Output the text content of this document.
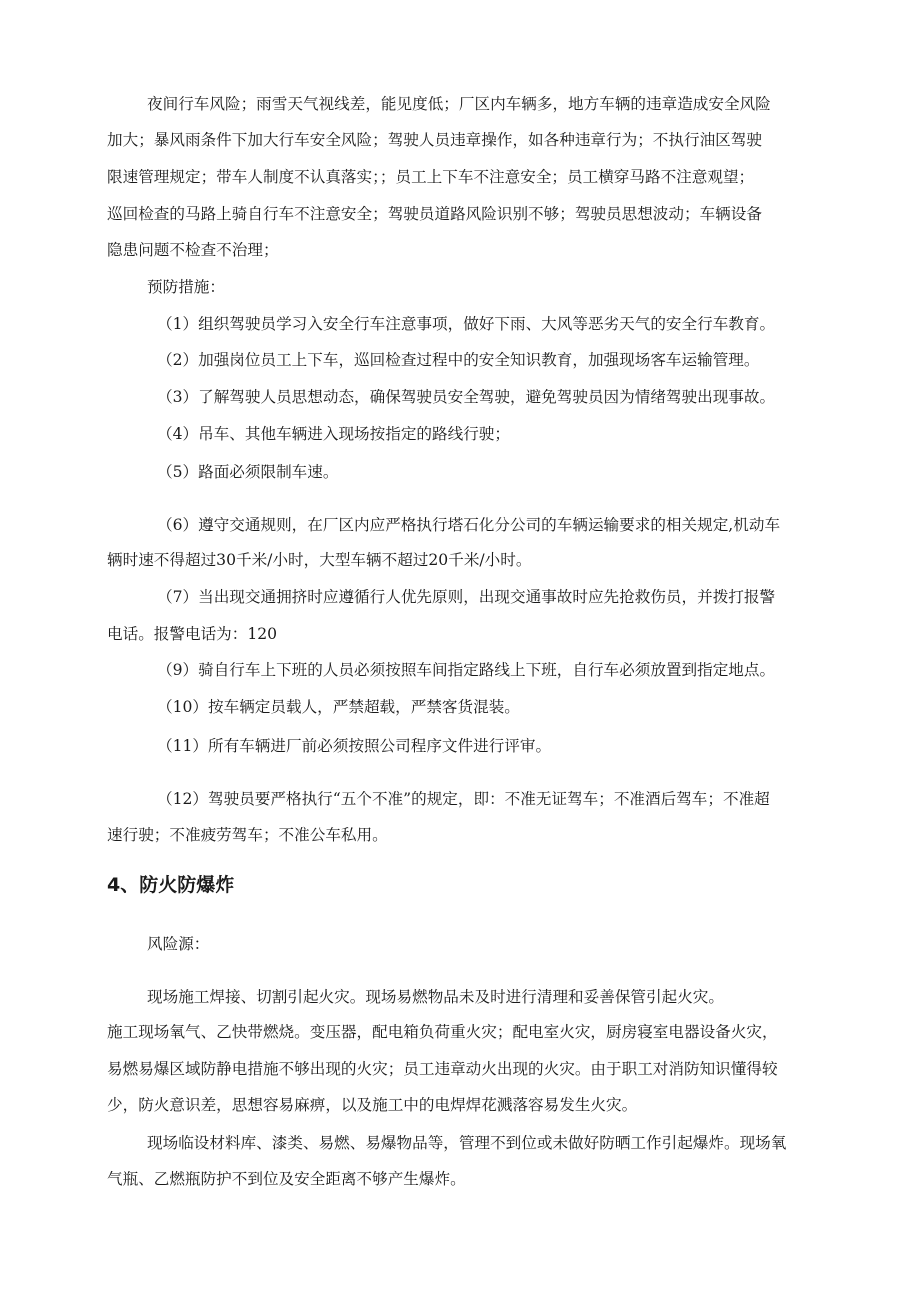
夜间行车风险；雨雪天气视线差，能见度低；厂区内车辆多，地方车辆的违章造成安全风险

加大；暴风雨条件下加大行车安全风险；驾驶人员违章操作，如各种违章行为；不执行油区驾驶

限速管理规定；带车人制度不认真落实；；员工上下车不注意安全；员工横穿马路不注意观望；

巡回检查的马路上骑自行车不注意安全；驾驶员道路风险识别不够；驾驶员思想波动；车辆设备

隐患问题不检查不治理；

预防措施：

（1）组织驾驶员学习入安全行车注意事项，做好下雨、大风等恶劣天气的安全行车教育。

（2）加强岗位员工上下车，巡回检查过程中的安全知识教育，加强现场客车运输管理。

（3）了解驾驶人员思想动态，确保驾驶员安全驾驶，避免驾驶员因为情绪驾驶出现事故。

（4）吊车、其他车辆进入现场按指定的路线行驶；

（5）路面必须限制车速。

（6）遵守交通规则，在厂区内应严格执行塔石化分公司的车辆运输要求的相关规定,机动车

辆时速不得超过30千米/小时，大型车辆不超过20千米/小时。

（7）当出现交通拥挤时应遵循行人优先原则，出现交通事故时应先抢救伤员，并拨打报警

电话。报警电话为：120

（9）骑自行车上下班的人员必须按照车间指定路线上下班，自行车必须放置到指定地点。

（10）按车辆定员载人，严禁超载，严禁客货混装。

（11）所有车辆进厂前必须按照公司程序文件进行评审。

（12）驾驶员要严格执行“五个不准”的规定，即：不准无证驾车；不准酒后驾车；不准超

速行驶；不准疲劳驾车；不准公车私用。

4、防火防爆炸

风险源：

现场施工焊接、切割引起火灾。现场易燃物品未及时进行清理和妥善保管引起火灾。

施工现场氧气、乙快带燃烧。变压器，配电箱负荷重火灾；配电室火灾，厨房寝室电器设备火灾，

易燃易爆区域防静电措施不够出现的火灾；员工违章动火出现的火灾。由于职工对消防知识懂得较

少，防火意识差，思想容易麻痹，以及施工中的电焊焊花溅落容易发生火灾。

现场临设材料库、漆类、易燃、易爆物品等，管理不到位或未做好防晒工作引起爆炸。现场氧

气瓶、乙燃瓶防护不到位及安全距离不够产生爆炸。
